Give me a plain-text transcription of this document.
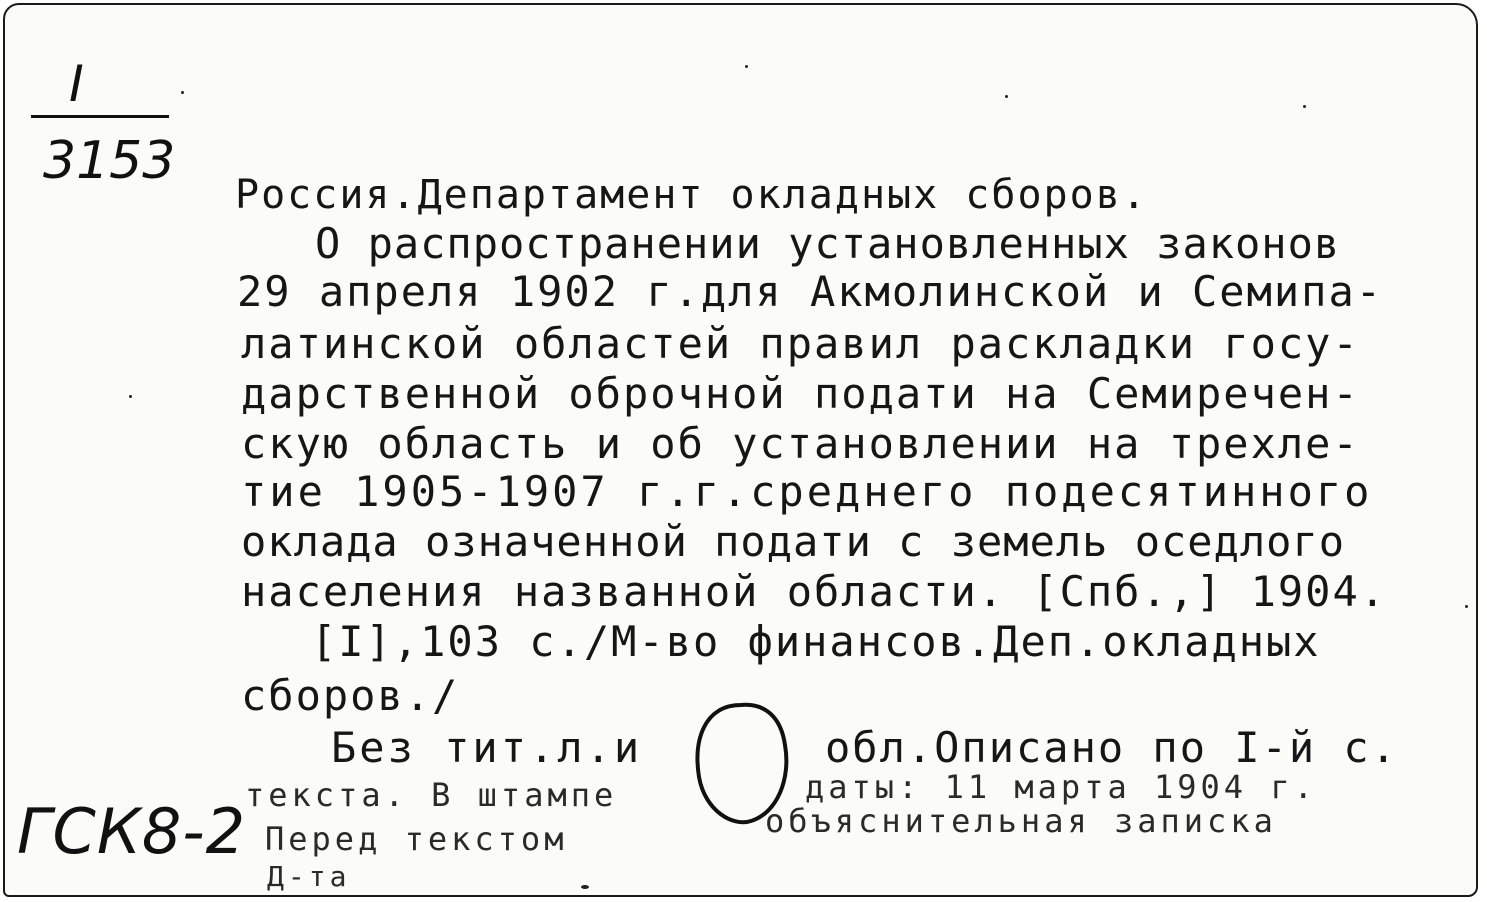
I
3153
Россия.Департамент окладных сборов.
О распространении установленных законов
29 апреля 1902 г.для Акмолинской и Семипа-
латинской областей правил раскладки госу-
дарственной оброчной подати на Семиречен-
скую область и об установлении на трехле-
тие 1905-1907 г.г.среднего подесятинного
оклада означенной подати с земель оседлого
населения названной области. [Спб.,] 1904.
[I],103 с./М-во финансов.Деп.окладных
сборов./
Без тит.л.и	обл.Описано по I-й с.
текста. В штампе	даты: 11 марта 1904 г.
Перед текстом	объяснительная записка
Д-та
ГСК8-2
